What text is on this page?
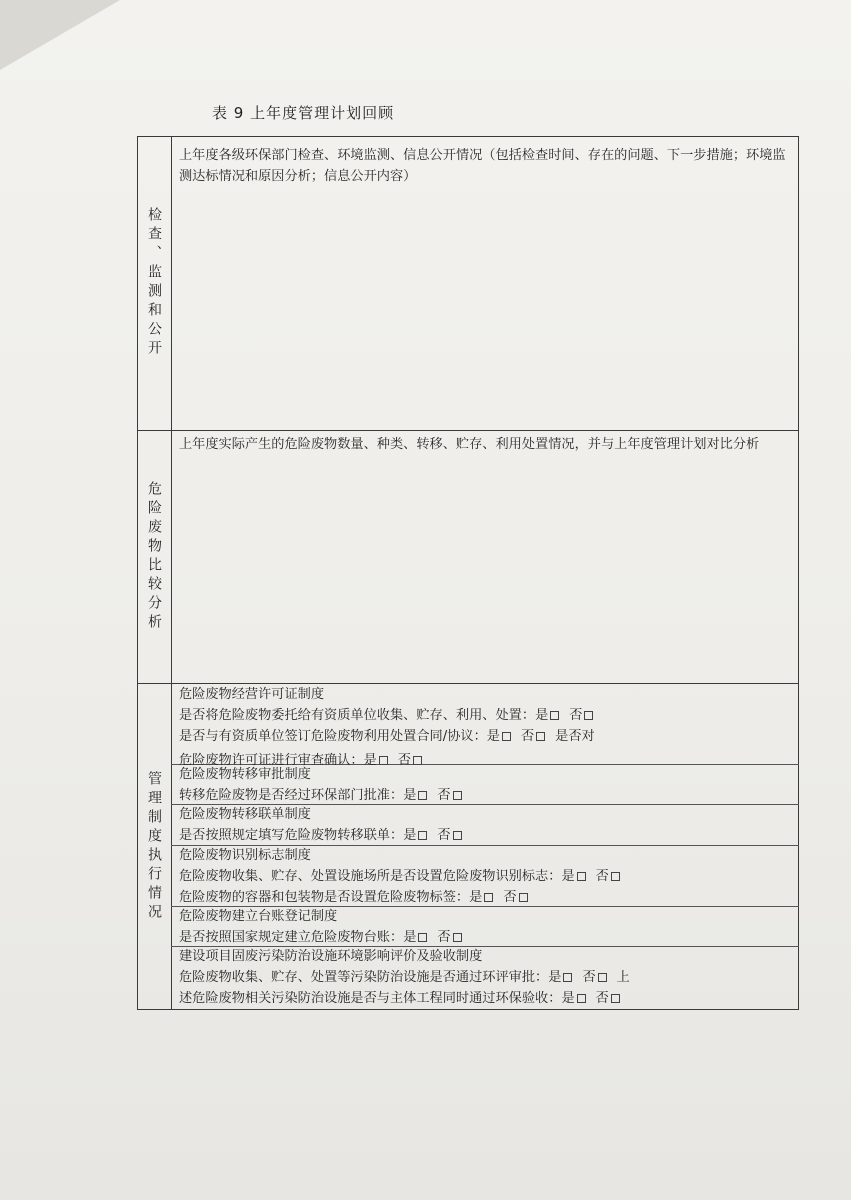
表 9 上年度管理计划回顾
检查、监测和公开
上年度各级环保部门检查、环境监测、信息公开情况（包括检查时间、存在的问题、下一步措施；环境监测达标情况和原因分析；信息公开内容）
危险废物比较分析
上年度实际产生的危险废物数量、种类、转移、贮存、利用处置情况，并与上年度管理计划对比分析
管理制度执行情况
危险废物经营许可证制度
是否将危险废物委托给有资质单位收集、贮存、利用、处置：是 否
是否与有资质单位签订危险废物利用处置合同/协议：是 否 是否对
危险废物许可证进行审查确认：是 否
危险废物转移审批制度
转移危险废物是否经过环保部门批准：是 否
危险废物转移联单制度
是否按照规定填写危险废物转移联单：是 否
危险废物识别标志制度
危险废物收集、贮存、处置设施场所是否设置危险废物识别标志：是 否
危险废物的容器和包装物是否设置危险废物标签：是 否
危险废物建立台账登记制度
是否按照国家规定建立危险废物台账：是 否
建设项目固废污染防治设施环境影响评价及验收制度
危险废物收集、贮存、处置等污染防治设施是否通过环评审批：是 否 上
述危险废物相关污染防治设施是否与主体工程同时通过环保验收：是 否
